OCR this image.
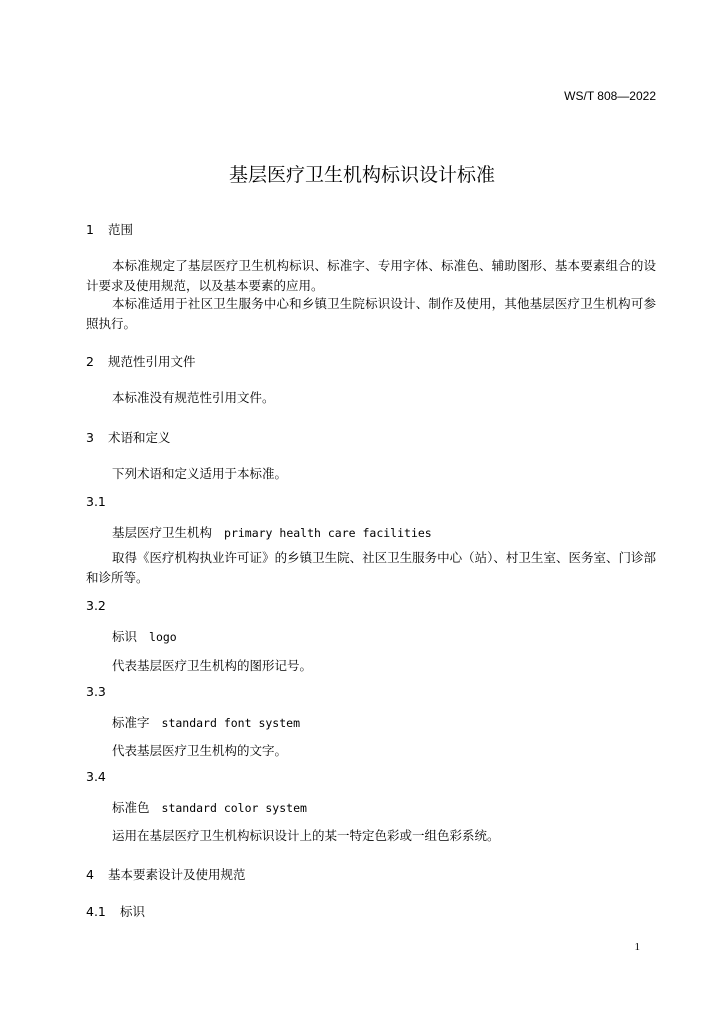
WS/T 808—2022
基层医疗卫生机构标识设计标准
1 范围
本标准规定了基层医疗卫生机构标识、标准字、专用字体、标准色、辅助图形、基本要素组合的设计要求及使用规范，以及基本要素的应用。
本标准适用于社区卫生服务中心和乡镇卫生院标识设计、制作及使用，其他基层医疗卫生机构可参照执行。
2 规范性引用文件
本标准没有规范性引用文件。
3 术语和定义
下列术语和定义适用于本标准。
3.1
基层医疗卫生机构 primary health care facilities
取得《医疗机构执业许可证》的乡镇卫生院、社区卫生服务中心（站）、村卫生室、医务室、门诊部和诊所等。
3.2
标识 logo
代表基层医疗卫生机构的图形记号。
3.3
标准字 standard font system
代表基层医疗卫生机构的文字。
3.4
标准色 standard color system
运用在基层医疗卫生机构标识设计上的某一特定色彩或一组色彩系统。
4 基本要素设计及使用规范
4.1 标识
1
